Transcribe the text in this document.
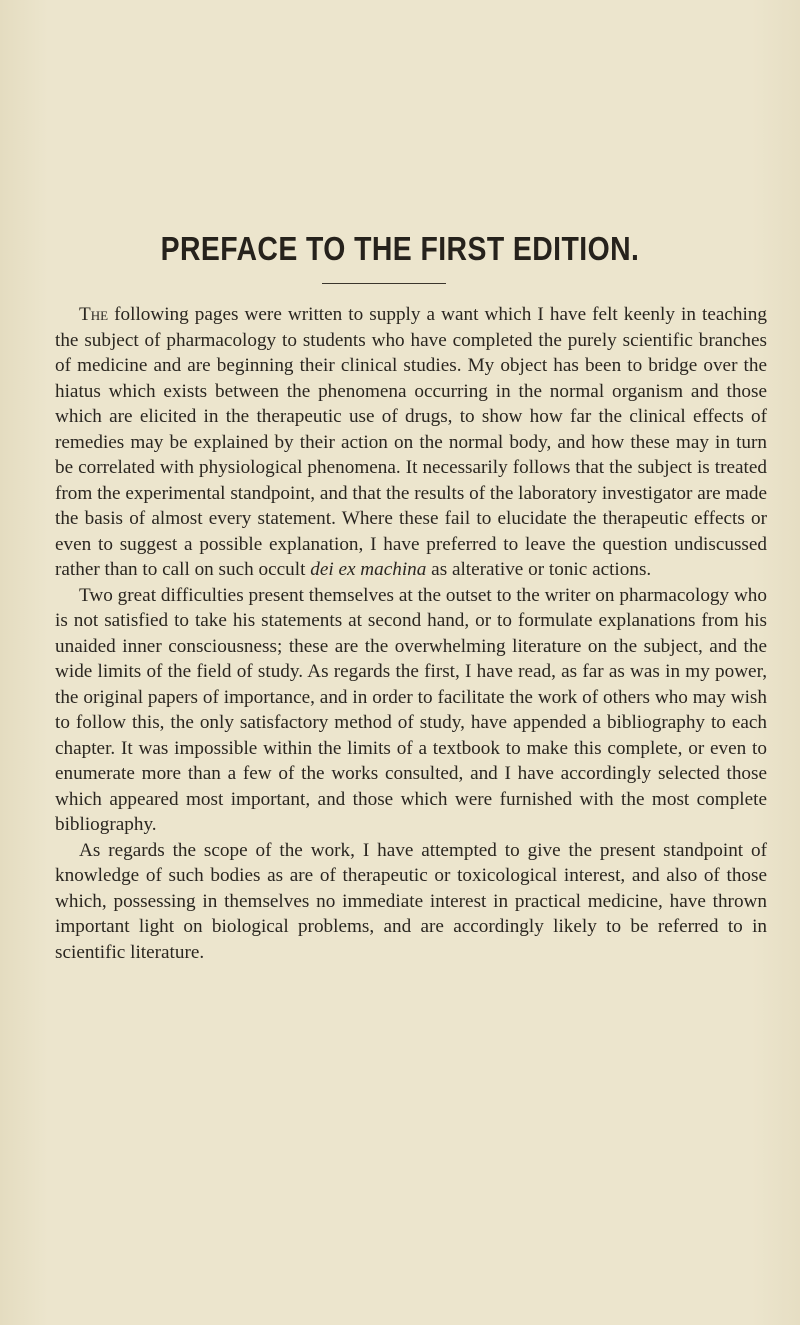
PREFACE TO THE FIRST EDITION.

The following pages were written to supply a want which I have felt keenly in teaching the subject of pharmacology to students who have completed the purely scientific branches of medicine and are beginning their clinical studies. My object has been to bridge over the hiatus which exists between the phenomena occurring in the normal organism and those which are elicited in the therapeutic use of drugs, to show how far the clinical effects of remedies may be explained by their action on the normal body, and how these may in turn be correlated with physiological phenomena. It necessarily follows that the subject is treated from the experimental standpoint, and that the results of the laboratory investigator are made the basis of almost every statement. Where these fail to elucidate the therapeutic effects or even to suggest a possible explanation, I have preferred to leave the question undiscussed rather than to call on such occult dei ex machina as alterative or tonic actions.

Two great difficulties present themselves at the outset to the writer on pharmacology who is not satisfied to take his statements at second hand, or to formulate explanations from his unaided inner consciousness; these are the overwhelming literature on the subject, and the wide limits of the field of study. As regards the first, I have read, as far as was in my power, the original papers of importance, and in order to facilitate the work of others who may wish to follow this, the only satisfactory method of study, have appended a bibliography to each chapter. It was impossible within the limits of a textbook to make this complete, or even to enumerate more than a few of the works consulted, and I have accordingly selected those which appeared most important, and those which were furnished with the most complete bibliography.

As regards the scope of the work, I have attempted to give the present standpoint of knowledge of such bodies as are of therapeutic or toxicological interest, and also of those which, possessing in themselves no immediate interest in practical medicine, have thrown important light on biological problems, and are accordingly likely to be referred to in scientific literature.
